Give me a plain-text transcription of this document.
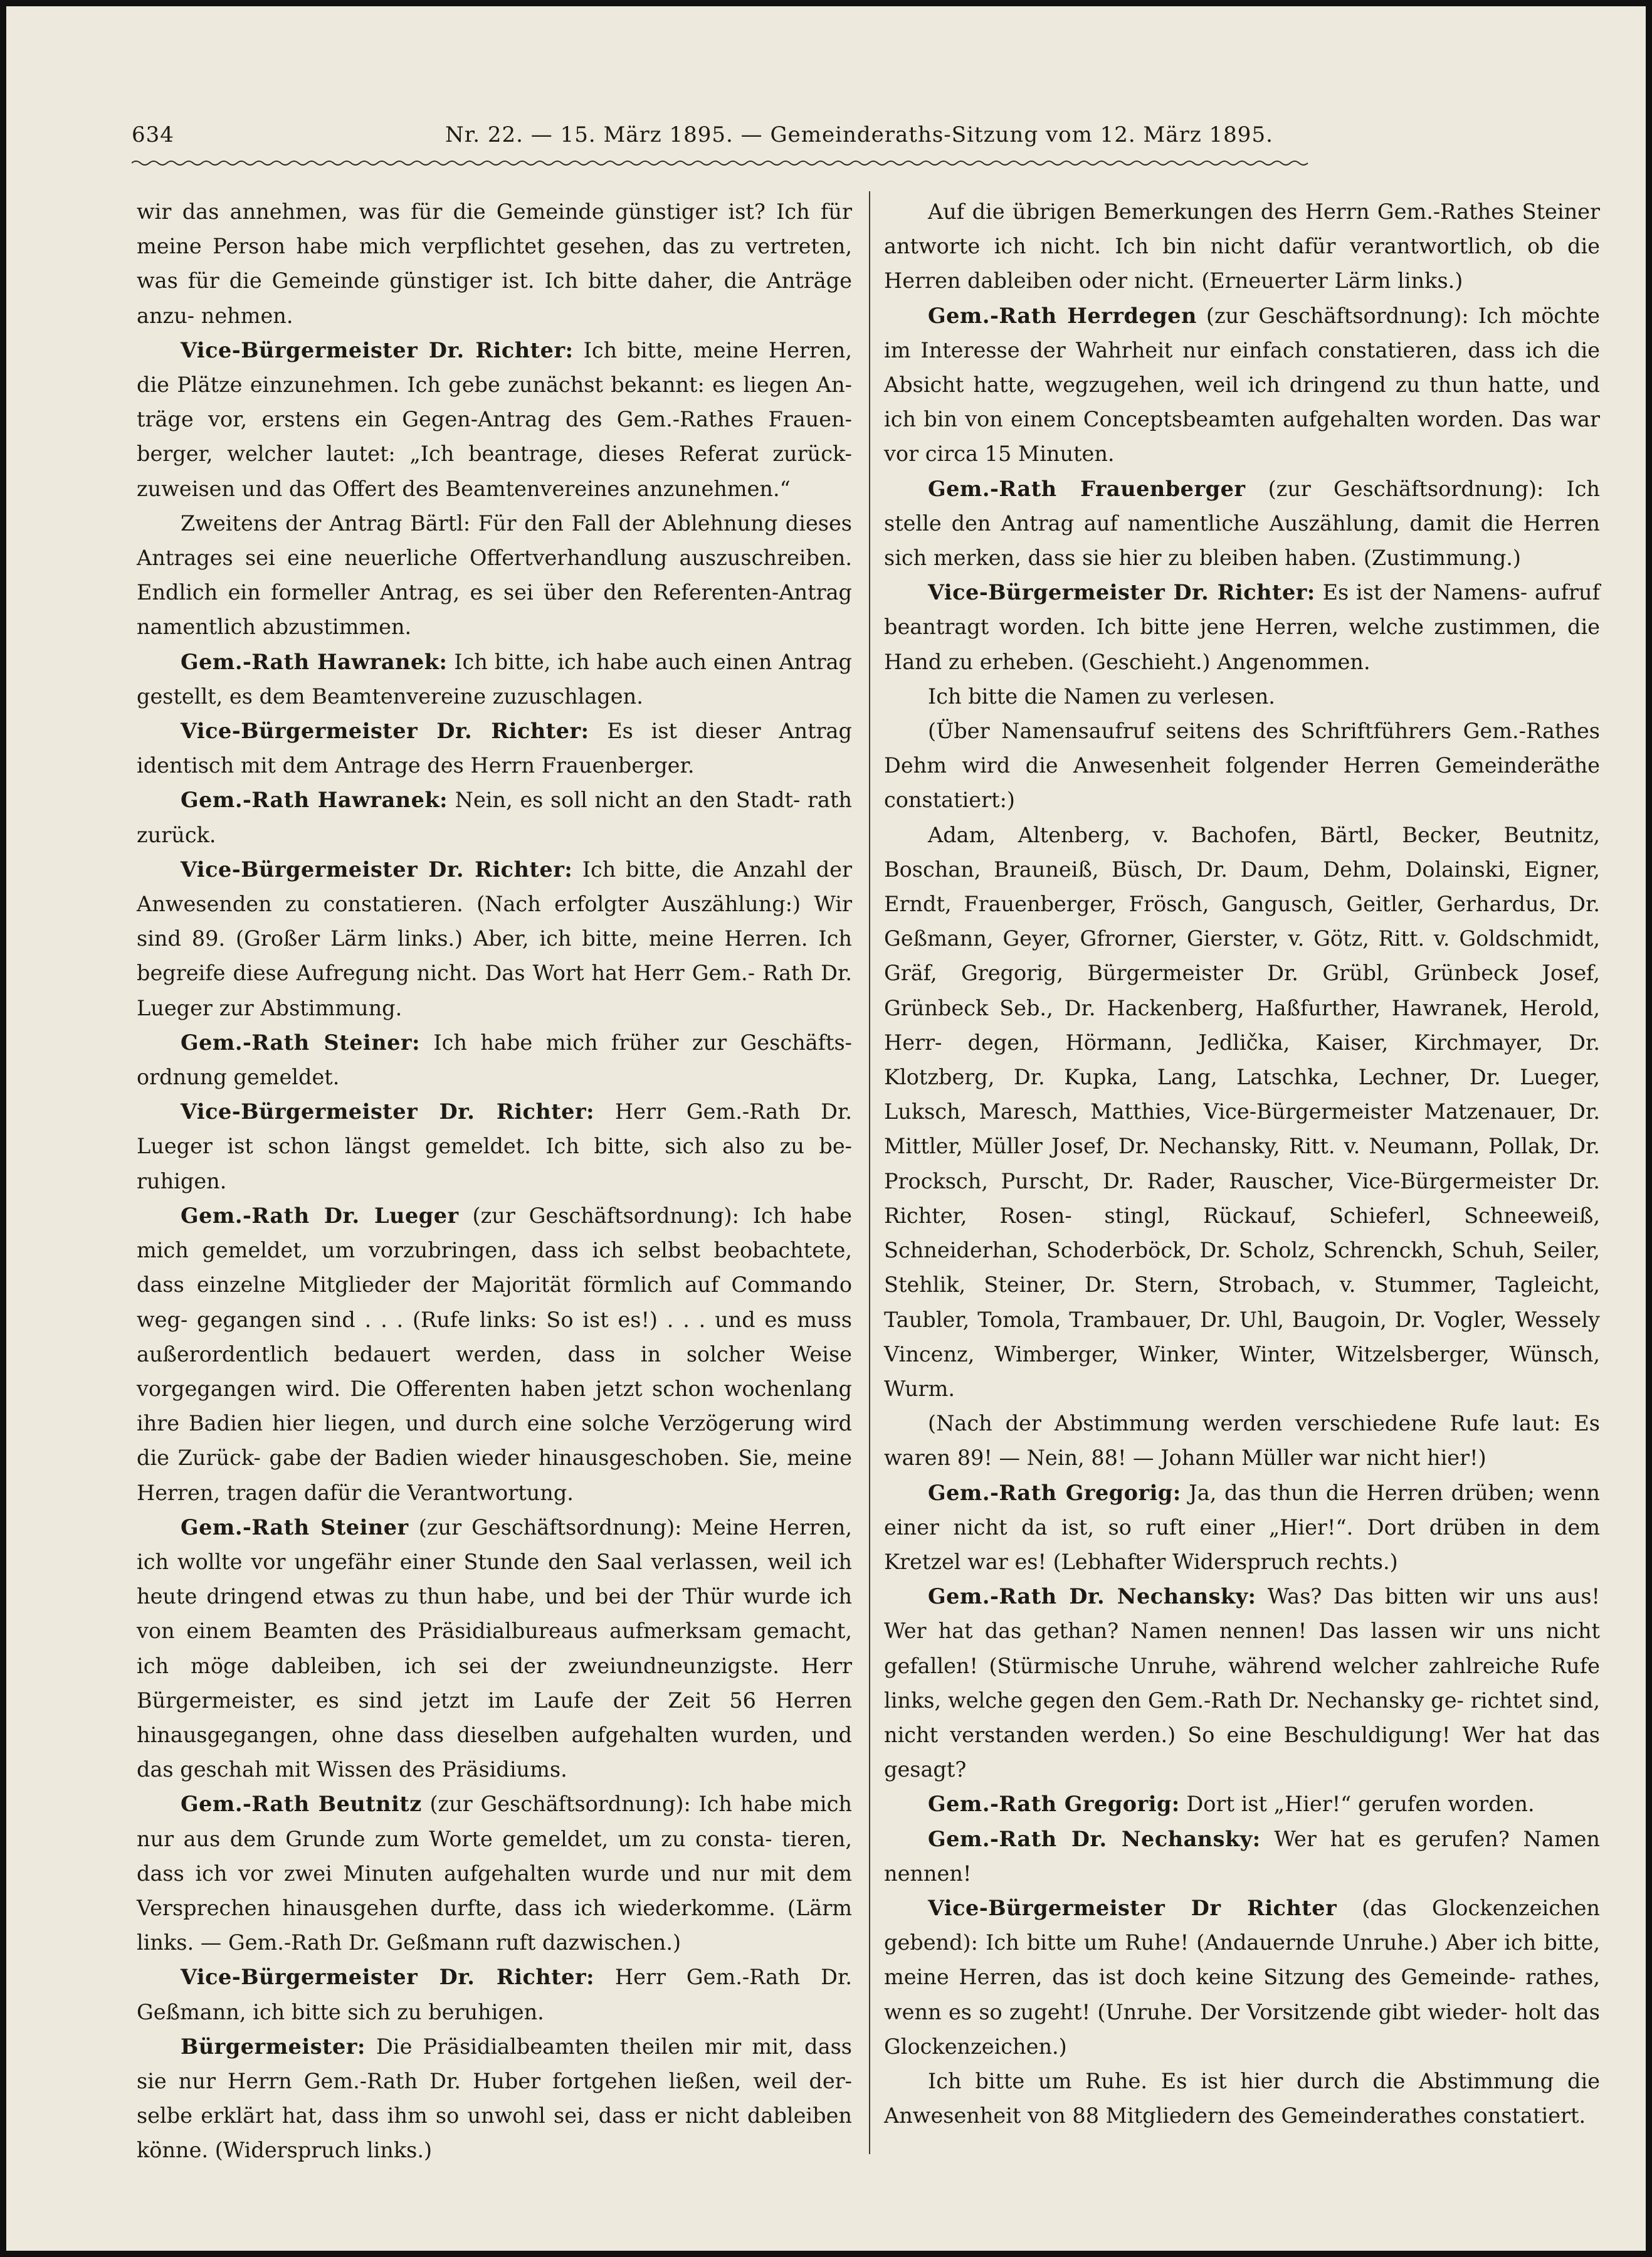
634	Nr. 22. — 15. März 1895. — Gemeinderaths-Sitzung vom 12. März 1895.

wir das annehmen, was für die Gemeinde günstiger ist? Ich für meine Person habe mich verpflichtet gesehen, das zu vertreten, was für die Gemeinde günstiger ist. Ich bitte daher, die Anträge anzu- nehmen.

Vice-Bürgermeister Dr. Richter: Ich bitte, meine Herren, die Plätze einzunehmen. Ich gebe zunächst bekannt: es liegen An- träge vor, erstens ein Gegen-Antrag des Gem.-Rathes Frauen- berger, welcher lautet: „Ich beantrage, dieses Referat zurück- zuweisen und das Offert des Beamtenvereines anzunehmen.“

Zweitens der Antrag Bärtl: Für den Fall der Ablehnung dieses Antrages sei eine neuerliche Offertverhandlung auszuschreiben. Endlich ein formeller Antrag, es sei über den Referenten-Antrag namentlich abzustimmen.

Gem.-Rath Hawranek: Ich bitte, ich habe auch einen Antrag gestellt, es dem Beamtenvereine zuzuschlagen.

Vice-Bürgermeister Dr. Richter: Es ist dieser Antrag identisch mit dem Antrage des Herrn Frauenberger.

Gem.-Rath Hawranek: Nein, es soll nicht an den Stadt- rath zurück.

Vice-Bürgermeister Dr. Richter: Ich bitte, die Anzahl der Anwesenden zu constatieren. (Nach erfolgter Auszählung:) Wir sind 89. (Großer Lärm links.) Aber, ich bitte, meine Herren. Ich begreife diese Aufregung nicht. Das Wort hat Herr Gem.- Rath Dr. Lueger zur Abstimmung.

Gem.-Rath Steiner: Ich habe mich früher zur Geschäfts- ordnung gemeldet.

Vice-Bürgermeister Dr. Richter: Herr Gem.-Rath Dr. Lueger ist schon längst gemeldet. Ich bitte, sich also zu be- ruhigen.

Gem.-Rath Dr. Lueger (zur Geschäftsordnung): Ich habe mich gemeldet, um vorzubringen, dass ich selbst beobachtete, dass einzelne Mitglieder der Majorität förmlich auf Commando weg- gegangen sind . . . (Rufe links: So ist es!) . . . und es muss außerordentlich bedauert werden, dass in solcher Weise vorgegangen wird. Die Offerenten haben jetzt schon wochenlang ihre Badien hier liegen, und durch eine solche Verzögerung wird die Zurück- gabe der Badien wieder hinausgeschoben. Sie, meine Herren, tragen dafür die Verantwortung.

Gem.-Rath Steiner (zur Geschäftsordnung): Meine Herren, ich wollte vor ungefähr einer Stunde den Saal verlassen, weil ich heute dringend etwas zu thun habe, und bei der Thür wurde ich von einem Beamten des Präsidialbureaus aufmerksam gemacht, ich möge dableiben, ich sei der zweiundneunzigste. Herr Bürgermeister, es sind jetzt im Laufe der Zeit 56 Herren hinausgegangen, ohne dass dieselben aufgehalten wurden, und das geschah mit Wissen des Präsidiums.

Gem.-Rath Beutnitz (zur Geschäftsordnung): Ich habe mich nur aus dem Grunde zum Worte gemeldet, um zu consta- tieren, dass ich vor zwei Minuten aufgehalten wurde und nur mit dem Versprechen hinausgehen durfte, dass ich wiederkomme. (Lärm links. — Gem.-Rath Dr. Geßmann ruft dazwischen.)

Vice-Bürgermeister Dr. Richter: Herr Gem.-Rath Dr. Geßmann, ich bitte sich zu beruhigen.

Bürgermeister: Die Präsidialbeamten theilen mir mit, dass sie nur Herrn Gem.-Rath Dr. Huber fortgehen ließen, weil der- selbe erklärt hat, dass ihm so unwohl sei, dass er nicht dableiben könne. (Widerspruch links.)

Auf die übrigen Bemerkungen des Herrn Gem.-Rathes Steiner antworte ich nicht. Ich bin nicht dafür verantwortlich, ob die Herren dableiben oder nicht. (Erneuerter Lärm links.)

Gem.-Rath Herrdegen (zur Geschäftsordnung): Ich möchte im Interesse der Wahrheit nur einfach constatieren, dass ich die Absicht hatte, wegzugehen, weil ich dringend zu thun hatte, und ich bin von einem Conceptsbeamten aufgehalten worden. Das war vor circa 15 Minuten.

Gem.-Rath Frauenberger (zur Geschäftsordnung): Ich stelle den Antrag auf namentliche Auszählung, damit die Herren sich merken, dass sie hier zu bleiben haben. (Zustimmung.)

Vice-Bürgermeister Dr. Richter: Es ist der Namens- aufruf beantragt worden. Ich bitte jene Herren, welche zustimmen, die Hand zu erheben. (Geschieht.) Angenommen.

Ich bitte die Namen zu verlesen.

(Über Namensaufruf seitens des Schriftführers Gem.-Rathes Dehm wird die Anwesenheit folgender Herren Gemeinderäthe constatiert:)

Adam, Altenberg, v. Bachofen, Bärtl, Becker, Beutnitz, Boschan, Brauneiß, Büsch, Dr. Daum, Dehm, Dolainski, Eigner, Erndt, Frauenberger, Frösch, Gangusch, Geitler, Gerhardus, Dr. Geßmann, Geyer, Gfrorner, Gierster, v. Götz, Ritt. v. Goldschmidt, Gräf, Gregorig, Bürgermeister Dr. Grübl, Grünbeck Josef, Grünbeck Seb., Dr. Hackenberg, Haßfurther, Hawranek, Herold, Herr- degen, Hörmann, Jedlička, Kaiser, Kirchmayer, Dr. Klotzberg, Dr. Kupka, Lang, Latschka, Lechner, Dr. Lueger, Luksch, Maresch, Matthies, Vice-Bürgermeister Matzenauer, Dr. Mittler, Müller Josef, Dr. Nechansky, Ritt. v. Neumann, Pollak, Dr. Procksch, Purscht, Dr. Rader, Rauscher, Vice-Bürgermeister Dr. Richter, Rosen- stingl, Rückauf, Schieferl, Schneeweiß, Schneiderhan, Schoderböck, Dr. Scholz, Schrenckh, Schuh, Seiler, Stehlik, Steiner, Dr. Stern, Strobach, v. Stummer, Tagleicht, Taubler, Tomola, Trambauer, Dr. Uhl, Baugoin, Dr. Vogler, Wessely Vincenz, Wimberger, Winker, Winter, Witzelsberger, Wünsch, Wurm.

(Nach der Abstimmung werden verschiedene Rufe laut: Es waren 89! — Nein, 88! — Johann Müller war nicht hier!)

Gem.-Rath Gregorig: Ja, das thun die Herren drüben; wenn einer nicht da ist, so ruft einer „Hier!“. Dort drüben in dem Kretzel war es! (Lebhafter Widerspruch rechts.)

Gem.-Rath Dr. Nechansky: Was? Das bitten wir uns aus! Wer hat das gethan? Namen nennen! Das lassen wir uns nicht gefallen! (Stürmische Unruhe, während welcher zahlreiche Rufe links, welche gegen den Gem.-Rath Dr. Nechansky ge- richtet sind, nicht verstanden werden.) So eine Beschuldigung! Wer hat das gesagt?

Gem.-Rath Gregorig: Dort ist „Hier!“ gerufen worden.

Gem.-Rath Dr. Nechansky: Wer hat es gerufen? Namen nennen!

Vice-Bürgermeister Dr Richter (das Glockenzeichen gebend): Ich bitte um Ruhe! (Andauernde Unruhe.) Aber ich bitte, meine Herren, das ist doch keine Sitzung des Gemeinde- rathes, wenn es so zugeht! (Unruhe. Der Vorsitzende gibt wieder- holt das Glockenzeichen.)

Ich bitte um Ruhe. Es ist hier durch die Abstimmung die Anwesenheit von 88 Mitgliedern des Gemeinderathes constatiert.
